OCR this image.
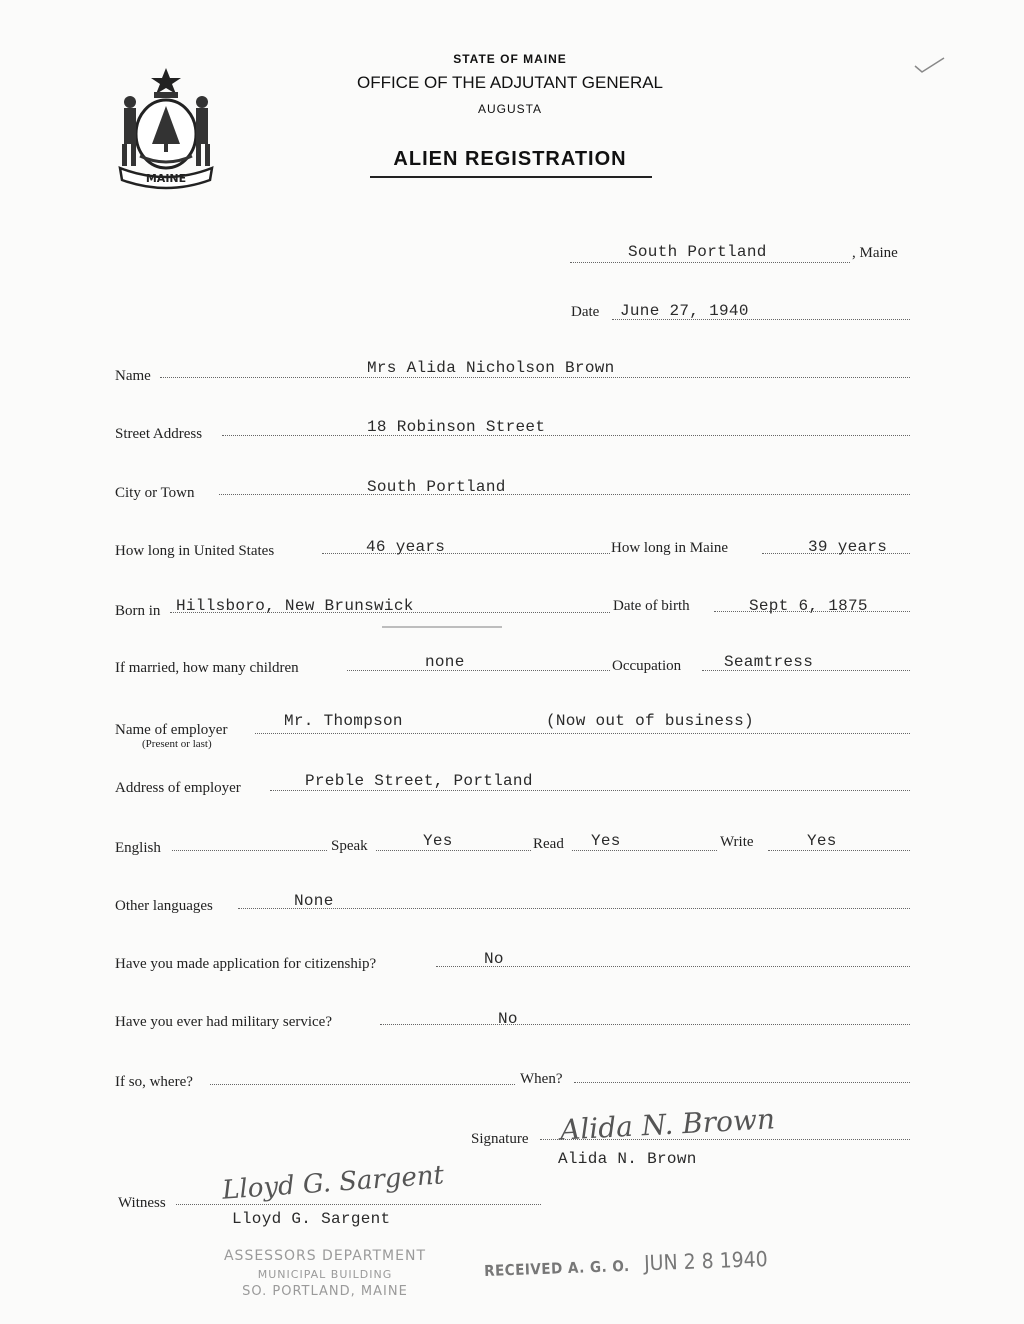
MAINE
STATE OF MAINE
OFFICE OF THE ADJUTANT GENERAL
AUGUSTA
ALIEN REGISTRATION
South Portland	, Maine
Date June 27, 1940
Name	Mrs Alida Nicholson Brown
Street Address	18 Robinson Street
City or Town	South Portland
How long in United States	46 years	How long in Maine	39 years
Born in Hillsboro, New Brunswick	Date of birth	Sept 6, 1875
If married, how many children	none	Occupation	Seamtress
Name of employer
(Present or last)
Mr. Thompson	(Now out of business)
Address of employer	Preble Street, Portland
English	Speak	Yes	Read Yes	Write	Yes
Other languages	None
Have you made application for citizenship?	No
Have you ever had military service?	No
If so, where?	When?
Signature Alida N. Brown
Alida N. Brown
Witness Lloyd G. Sargent
Lloyd G. Sargent
ASSESSORS DEPARTMENT
MUNICIPAL BUILDING
SO. PORTLAND, MAINE
RECEIVED A. G. O. JUN 2 8 1940
